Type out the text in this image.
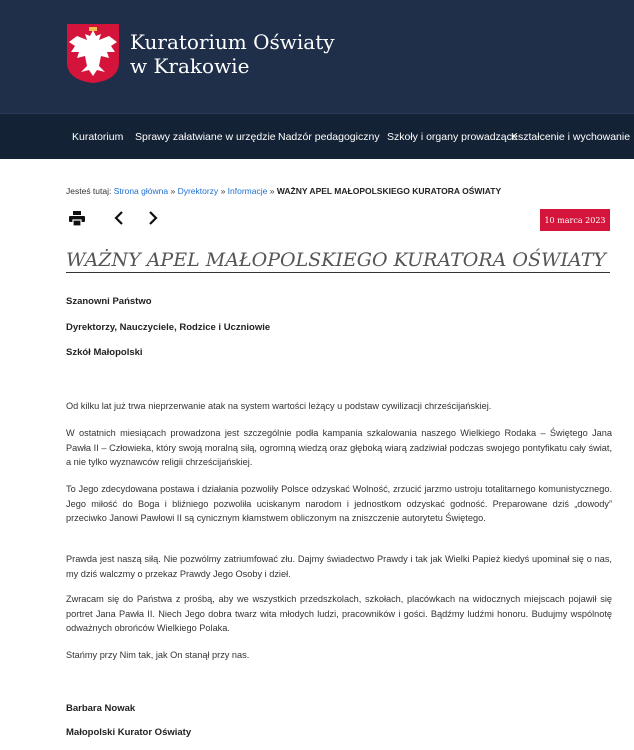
Kuratorium Oświaty
w Krakowie
Kuratorium Sprawy załatwiane w urzędzie Nadzór pedagogiczny Szkoły i organy prowadzące
Kształcenie i wychowanie
Jesteś tutaj: Strona główna » Dyrektorzy » Informacje » WAŻNY APEL MAŁOPOLSKIEGO KURATORA OŚWIATY
10 marca 2023
WAŻNY APEL MAŁOPOLSKIEGO KURATORA OŚWIATY
Szanowni Państwo
Dyrektorzy, Nauczyciele, Rodzice i Uczniowie
Szkół Małopolski
Od kilku lat już trwa nieprzerwanie atak na system wartości leżący u podstaw cywilizacji chrześcijańskiej.
W ostatnich miesiącach prowadzona jest szczególnie podła kampania szkalowania naszego Wielkiego Rodaka – Świętego Jana Pawła II – Człowieka, który swoją moralną siłą, ogromną wiedzą oraz głęboką wiarą zadziwiał podczas swojego pontyfikatu cały świat, a nie tylko wyznawców religii chrześcijańskiej.
To Jego zdecydowana postawa i działania pozwoliły Polsce odzyskać Wolność, zrzucić jarzmo ustroju totalitarnego komunistycznego. Jego miłość do Boga i bliźniego pozwoliła uciskanym narodom i jednostkom odzyskać godność. Preparowane dziś „dowody” przeciwko Janowi Pawłowi II są cynicznym kłamstwem obliczonym na zniszczenie autorytetu Świętego.
Prawda jest naszą siłą. Nie pozwólmy zatriumfować złu. Dajmy świadectwo Prawdy i tak jak Wielki Papież kiedyś upominał się o nas, my dziś walczmy o przekaz Prawdy Jego Osoby i dzieł.
Zwracam się do Państwa z prośbą, aby we wszystkich przedszkolach, szkołach, placówkach na widocznych miejscach pojawił się portret Jana Pawła II. Niech Jego dobra twarz wita młodych ludzi, pracowników i gości. Bądźmy ludźmi honoru. Budujmy wspólnotę odważnych obrońców Wielkiego Polaka.
Stańmy przy Nim tak, jak On stanął przy nas.
Barbara Nowak
Małopolski Kurator Oświaty
